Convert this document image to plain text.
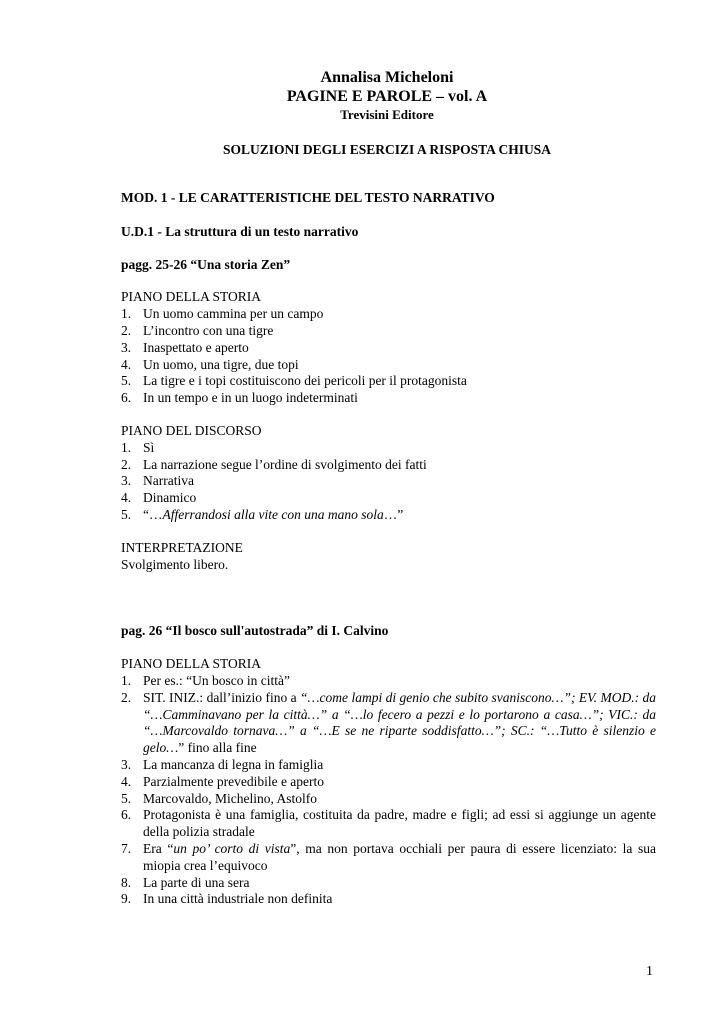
Annalisa Micheloni
PAGINE E PAROLE – vol. A
Trevisini Editore
SOLUZIONI DEGLI ESERCIZI A RISPOSTA CHIUSA

MOD. 1 - LE CARATTERISTICHE DEL TESTO NARRATIVO

U.D.1 - La struttura di un testo narrativo

pagg. 25-26 “Una storia Zen”

PIANO DELLA STORIA

1. Un uomo cammina per un campo
2. L’incontro con una tigre
3. Inaspettato e aperto
4. Un uomo, una tigre, due topi
5. La tigre e i topi costituiscono dei pericoli per il protagonista
6. In un tempo e in un luogo indeterminati

PIANO DEL DISCORSO

1. Sì
2. La narrazione segue l’ordine di svolgimento dei fatti
3. Narrativa
4. Dinamico
5. “…Afferrandosi alla vite con una mano sola…”

INTERPRETAZIONE

Svolgimento libero.

pag. 26 “Il bosco sull'autostrada” di I. Calvino

PIANO DELLA STORIA

1. Per es.: “Un bosco in città”
2. SIT. INIZ.: dall’inizio fino a “…come lampi di genio che subito svaniscono…”; EV. MOD.: da “…Camminavano per la città…” a “…lo fecero a pezzi e lo portarono a casa…”; VIC.: da “…Marcovaldo tornava…” a “…E se ne riparte soddisfatto…”; SC.: “…Tutto è silenzio e gelo…” fino alla fine
3. La mancanza di legna in famiglia
4. Parzialmente prevedibile e aperto
5. Marcovaldo, Michelino, Astolfo
6. Protagonista è una famiglia, costituita da padre, madre e figli; ad essi si aggiunge un agente della polizia stradale
7. Era “un po’ corto di vista”, ma non portava occhiali per paura di essere licenziato: la sua miopia crea l’equivoco
8. La parte di una sera
9. In una città industriale non definita
1
